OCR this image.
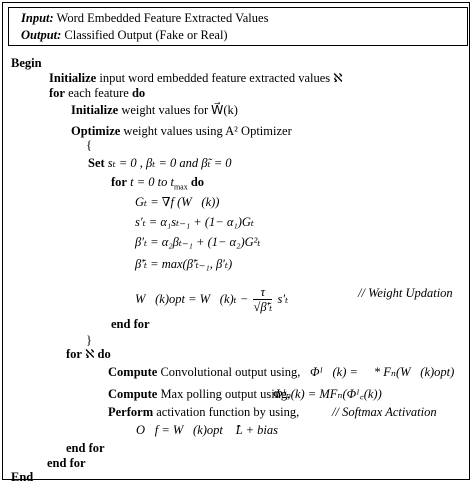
Input: Word Embedded Feature Extracted Values
Output: Classified Output (Fake or Real)
Begin
Initialize input word embedded feature extracted values ℵ
for each feature do
Initialize weight values for W⃗(k)
Optimize weight values using A² Optimizer
{
Set sₜ = 0 , βₜ = 0 and β̃ₜ = 0
for t = 0 to $t_{max}$ do
Gₜ = ∇f (W⃗(k))
s′ₜ = α₁sₜ₋₁ + (1− α₁)Gₜ
β′ₜ = α₂βₜ₋₁ + (1− α₂)G²ₜ
β̃′ₜ = max(β̃′ₜ₋₁, β′ₜ)
W⃗(k)opt = W⃗(k)ₜ − $\frac{\tau}{\text{√β̃′ₜ}} s'_t$	// Weight Updation
end for
}
for ℵ do
Compute Convolutional output using, Φᴵ꜀(k) = ℵ * Fₙ(W⃗(k)opt)
Compute Max polling output using,
Φᴵₚ(k) = MFₙ(Φᴵ꜀(k))
Perform activation function by using,	// Softmax Activation
O꜀f = W⃗(k)opt ℵ̂L + bias
end for
end for
End
